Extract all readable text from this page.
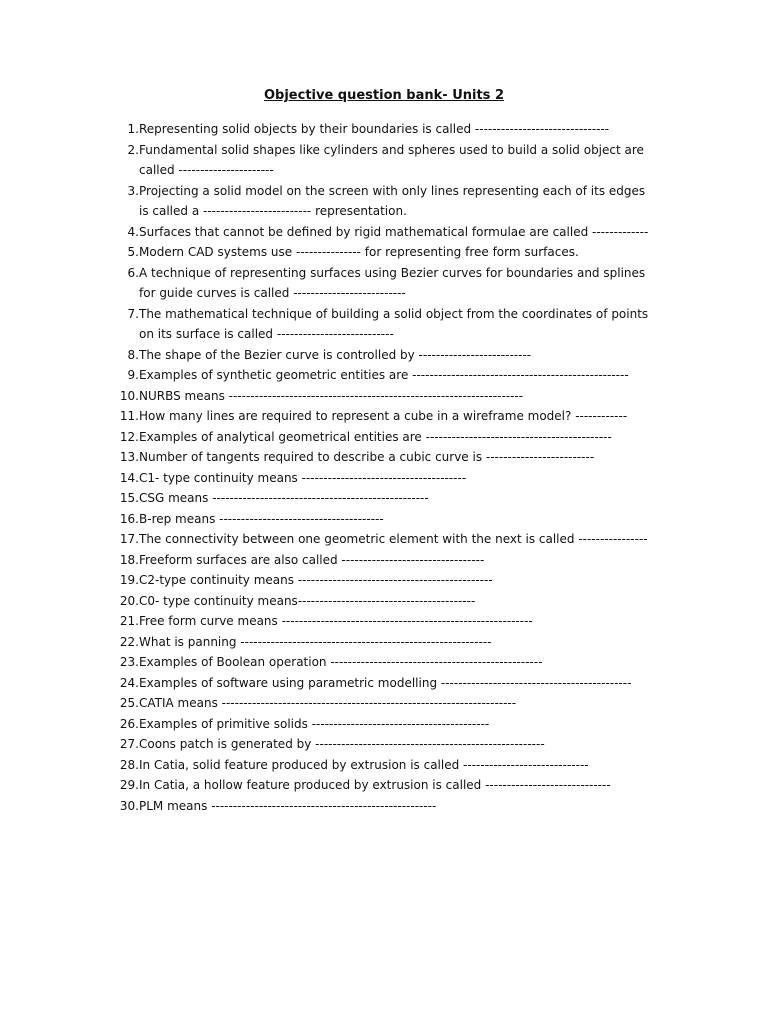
Objective question bank- Units 2
1. Representing solid objects by their boundaries is called -------------------------------
2. Fundamental solid shapes like cylinders and spheres used to build a solid object are
called ----------------------
3. Projecting a solid model on the screen with only lines representing each of its edges
is called a ------------------------- representation.
4. Surfaces that cannot be defined by rigid mathematical formulae are called -------------
5. Modern CAD systems use --------------- for representing free form surfaces.
6. A technique of representing surfaces using Bezier curves for boundaries and splines
for guide curves is called --------------------------
7. The mathematical technique of building a solid object from the coordinates of points
on its surface is called ---------------------------
8. The shape of the Bezier curve is controlled by --------------------------
9. Examples of synthetic geometric entities are --------------------------------------------------
10. NURBS means --------------------------------------------------------------------
11. How many lines are required to represent a cube in a wireframe model? ------------
12. Examples of analytical geometrical entities are -------------------------------------------
13. Number of tangents required to describe a cubic curve is -------------------------
14. C1- type continuity means --------------------------------------
15. CSG means --------------------------------------------------
16. B-rep means --------------------------------------
17. The connectivity between one geometric element with the next is called ----------------
18. Freeform surfaces are also called ---------------------------------
19. C2-type continuity means ---------------------------------------------
20. C0- type continuity means-----------------------------------------
21. Free form curve means ----------------------------------------------------------
22. What is panning ----------------------------------------------------------
23. Examples of Boolean operation -------------------------------------------------
24. Examples of software using parametric modelling --------------------------------------------
25. CATIA means --------------------------------------------------------------------
26. Examples of primitive solids -----------------------------------------
27. Coons patch is generated by -----------------------------------------------------
28. In Catia, solid feature produced by extrusion is called -----------------------------
29. In Catia, a hollow feature produced by extrusion is called -----------------------------
30. PLM means ----------------------------------------------------
